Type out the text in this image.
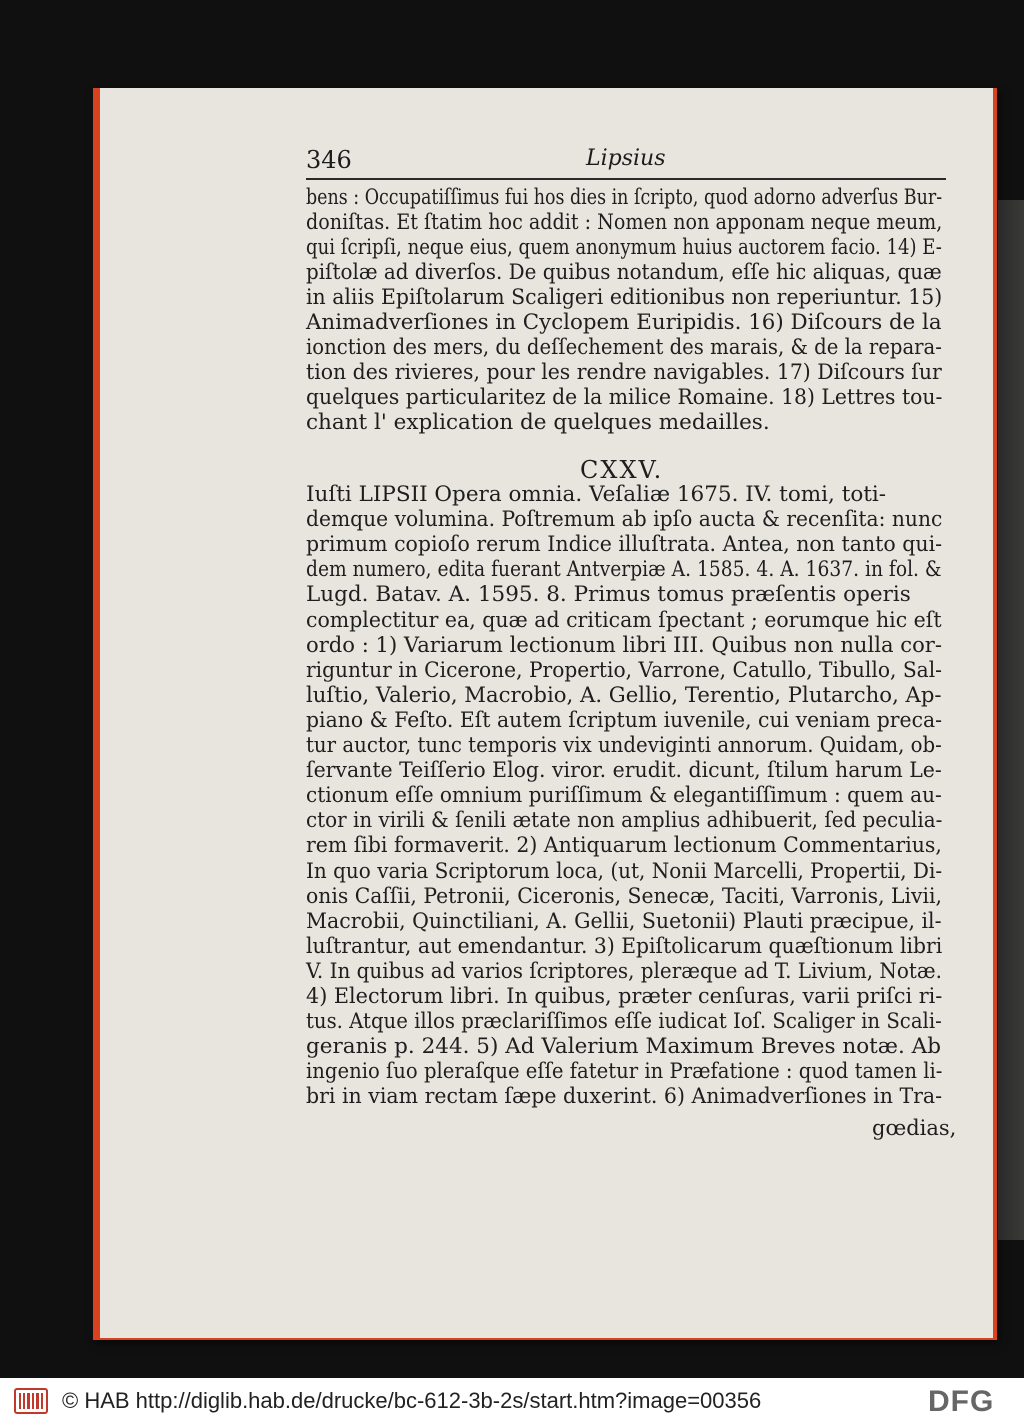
346	Lipsius
bens : Occupatiſſimus fui hos dies in ſcripto, quod adorno adverſus Bur-
doniſtas. Et ſtatim hoc addit : Nomen non apponam neque meum,
qui ſcripſi, neque eius, quem anonymum huius auctorem facio. 14) E-
piſtolæ ad diverſos. De quibus notandum, eſſe hic aliquas, quæ
in aliis Epiſtolarum Scaligeri editionibus non reperiuntur. 15)
Animadverſiones in Cyclopem Euripidis. 16) Diſcours de la
ionction des mers, du deſſechement des marais, & de la repara-
tion des rivieres, pour les rendre navigables. 17) Diſcours ſur
quelques particularitez de la milice Romaine. 18) Lettres tou-
chant l' explication de quelques medailles.
CXXV.
Iuſti LIPSII Opera omnia. Veſaliæ 1675. IV. tomi, toti-
demque volumina. Poſtremum ab ipſo aucta & recenſita: nunc
primum copioſo rerum Indice illuſtrata. Antea, non tanto qui-
dem numero, edita fuerant Antverpiæ A. 1585. 4. A. 1637. in fol. &
Lugd. Batav. A. 1595. 8. Primus tomus præſentis operis
complectitur ea, quæ ad criticam ſpectant ; eorumque hic eſt
ordo : 1) Variarum lectionum libri III. Quibus non nulla cor-
riguntur in Cicerone, Propertio, Varrone, Catullo, Tibullo, Sal-
luſtio, Valerio, Macrobio, A. Gellio, Terentio, Plutarcho, Ap-
piano & Feſto. Eſt autem ſcriptum iuvenile, cui veniam preca-
tur auctor, tunc temporis vix undeviginti annorum. Quidam, ob-
ſervante Teiſſerio Elog. viror. erudit. dicunt, ſtilum harum Le-
ctionum eſſe omnium puriſſimum & elegantiſſimum : quem au-
ctor in virili & ſenili ætate non amplius adhibuerit, ſed peculia-
rem ſibi formaverit. 2) Antiquarum lectionum Commentarius,
In quo varia Scriptorum loca, (ut, Nonii Marcelli, Propertii, Di-
onis Caſſii, Petronii, Ciceronis, Senecæ, Taciti, Varronis, Livii,
Macrobii, Quinctiliani, A. Gellii, Suetonii) Plauti præcipue, il-
luſtrantur, aut emendantur. 3) Epiſtolicarum quæſtionum libri
V. In quibus ad varios ſcriptores, pleræque ad T. Livium, Notæ.
4) Electorum libri. In quibus, præter cenſuras, varii priſci ri-
tus. Atque illos præclariſſimos eſſe iudicat Ioſ. Scaliger in Scali-
geranis p. 244. 5) Ad Valerium Maximum Breves notæ. Ab
ingenio ſuo pleraſque eſſe fatetur in Præfatione : quod tamen li-
bri in viam rectam ſæpe duxerint. 6) Animadverſiones in Tra-
gœdias,
© HAB http://diglib.hab.de/drucke/bc-612-3b-2s/start.htm?image=00356	DFG
